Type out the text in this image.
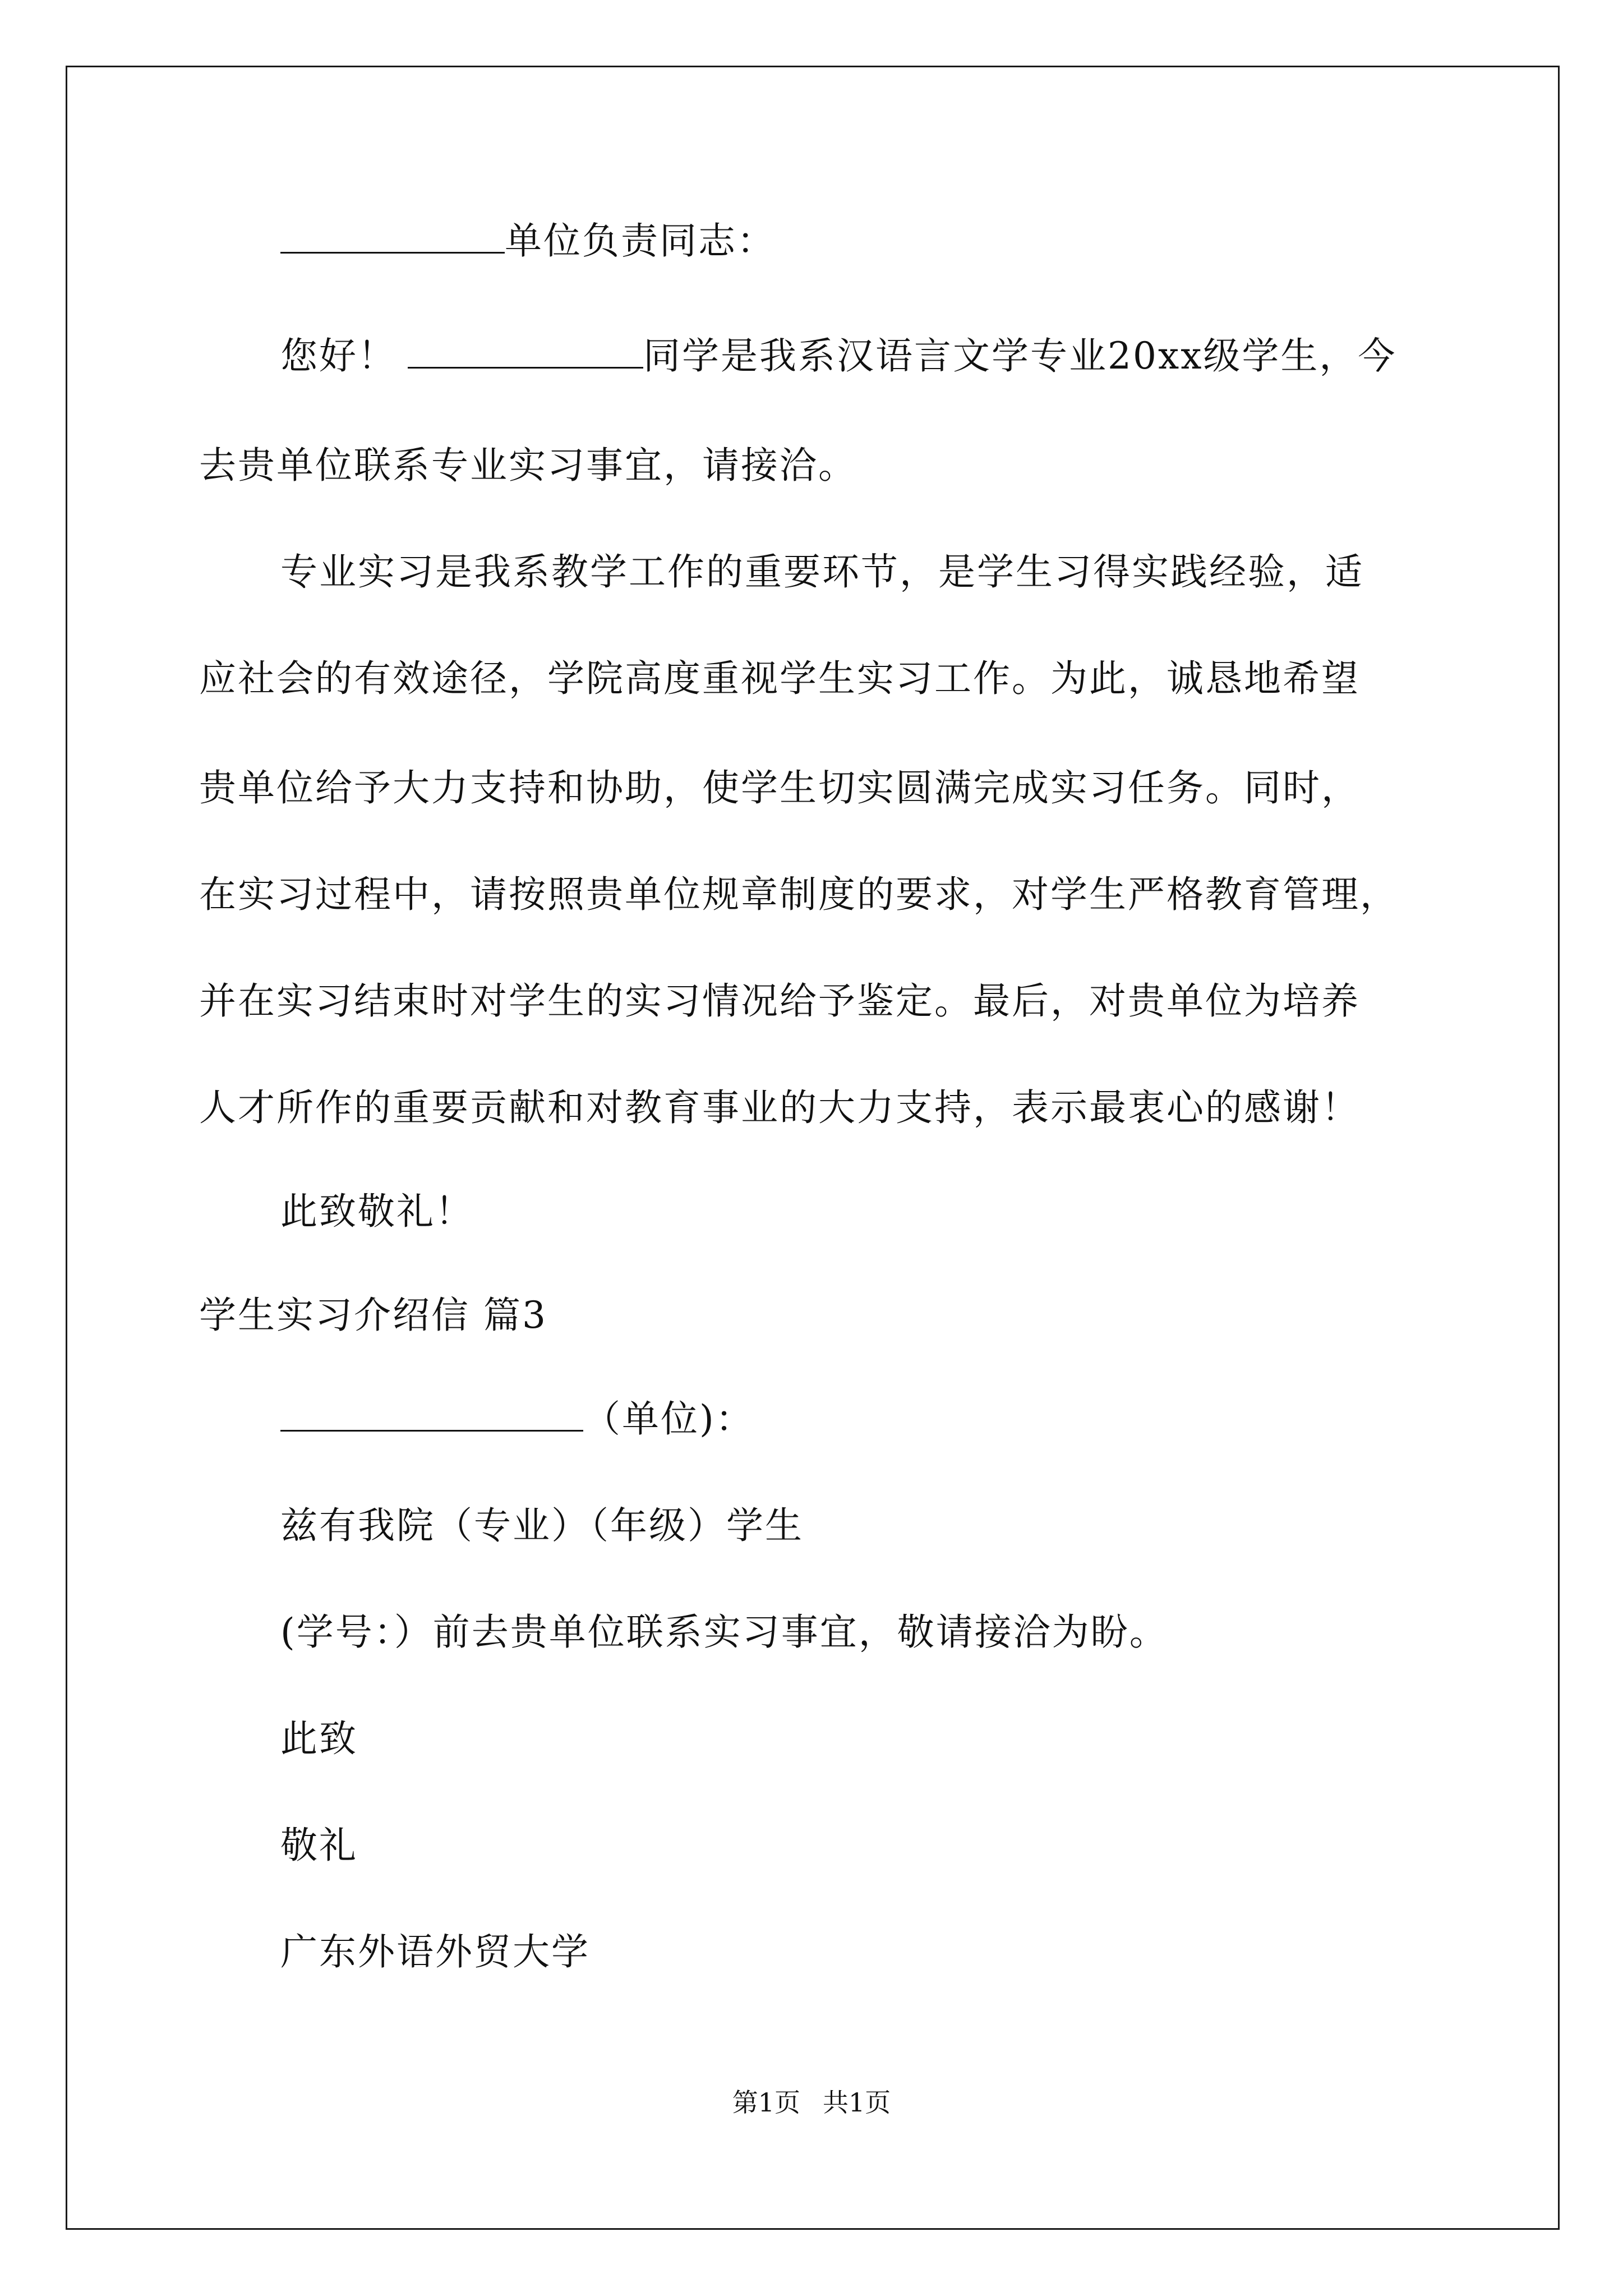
单位负责同志：
您好！	同学是我系汉语言文学专业20xx级学生，今
去贵单位联系专业实习事宜，请接洽。
专业实习是我系教学工作的重要环节，是学生习得实践经验，适
应社会的有效途径，学院高度重视学生实习工作。为此，诚恳地希望
贵单位给予大力支持和协助，使学生切实圆满完成实习任务。同时，
在实习过程中，请按照贵单位规章制度的要求，对学生严格教育管理，
并在实习结束时对学生的实习情况给予鉴定。最后，对贵单位为培养
人才所作的重要贡献和对教育事业的大力支持，表示最衷心的感谢！
此致敬礼！
学生实习介绍信 篇3
（单位)：
兹有我院（专业）（年级）学生
(学号：）前去贵单位联系实习事宜，敬请接洽为盼。
此致
敬礼
广东外语外贸大学
第1页 共1页
